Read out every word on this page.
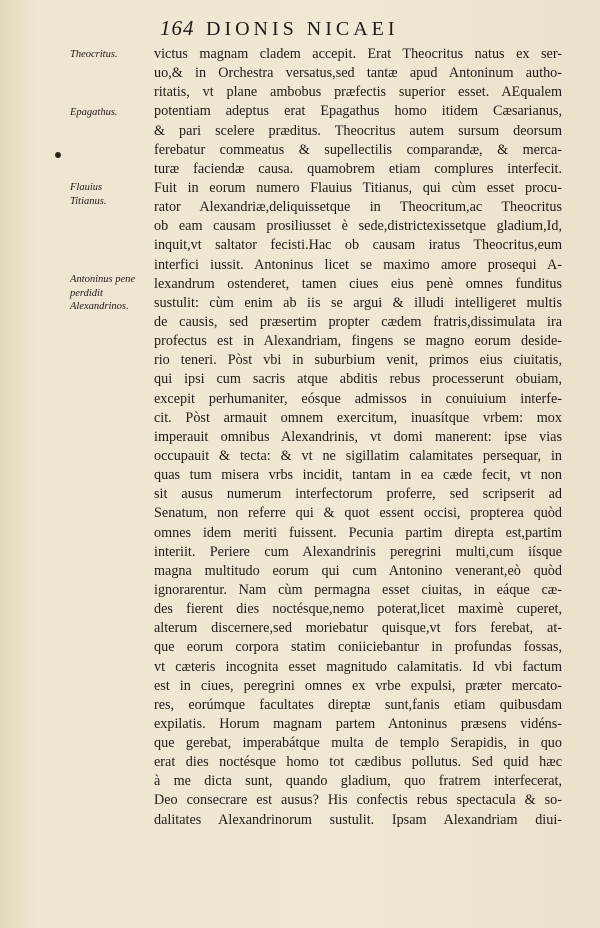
164 DIONIS NICAEI
Theocritus.
Epagathus.
Flauius Titianus.
Antoninus pene perdidit Alexandrinos.
victus magnam cladem accepit. Erat Theocritus natus ex ser-
uo,& in Orchestra versatus,sed tantæ apud Antoninum autho-
ritatis, vt plane ambobus præfectis superior esset. AEqualem
potentiam adeptus erat Epagathus homo itidem Cæsarianus,
& pari scelere præditus. Theocritus autem sursum deorsum
ferebatur commeatus & supellectilis comparandæ, & merca-
turæ faciendæ causa. quamobrem etiam complures interfecit.
Fuit in eorum numero Flauius Titianus, qui cùm esset procu-
rator Alexandriæ,deliquissetque in Theocritum,ac Theocritus
ob eam causam prosiliusset è sede,districtexissetque gladium,Id,
inquit,vt saltator fecisti.Hac ob causam iratus Theocritus,eum
interfici iussit. Antoninus licet se maximo amore prosequi A-
lexandrum ostenderet, tamen ciues eius penè omnes funditus
sustulit: cùm enim ab iis se argui & illudi intelligeret multis
de causis, sed præsertim propter cædem fratris,dissimulata ira
profectus est in Alexandriam, fingens se magno eorum deside-
rio teneri. Pòst vbi in suburbium venit, primos eius ciuitatis,
qui ipsi cum sacris atque abditis rebus processerunt obuiam,
excepit perhumaniter, eósque admissos in conuiuium interfe-
cit. Pòst armauit omnem exercitum, inuasítque vrbem: mox
imperauit omnibus Alexandrinis, vt domi manerent: ipse vias
occupauit & tecta: & vt ne sigillatim calamitates persequar, in
quas tum misera vrbs incidit, tantam in ea cæde fecit, vt non
sit ausus numerum interfectorum proferre, sed scripserit ad
Senatum, non referre qui & quot essent occisi, propterea quòd
omnes idem meriti fuissent. Pecunia partim direpta est,partim
interiit. Periere cum Alexandrinis peregrini multi,cum iísque
magna multitudo eorum qui cum Antonino venerant,eò quòd
ignorarentur. Nam cùm permagna esset ciuitas, in eáque cæ-
des fierent dies noctésque,nemo poterat,licet maximè cuperet,
alterum discernere,sed moriebatur quisque,vt fors ferebat, at-
que eorum corpora statim coniiciebantur in profundas fossas,
vt cæteris incognita esset magnitudo calamitatis. Id vbi factum
est in ciues, peregrini omnes ex vrbe expulsi, præter mercato-
res, eorúmque facultates direptæ sunt,fanis etiam quibusdam
expilatis. Horum magnam partem Antoninus præsens vidéns-
que gerebat, imperabátque multa de templo Serapidis, in quo
erat dies noctésque homo tot cædibus pollutus. Sed quid hæc
à me dicta sunt, quando gladium, quo fratrem interfecerat,
Deo consecrare est ausus? His confectis rebus spectacula & so-
dalitates Alexandrinorum sustulit. Ipsam Alexandriam diui-
